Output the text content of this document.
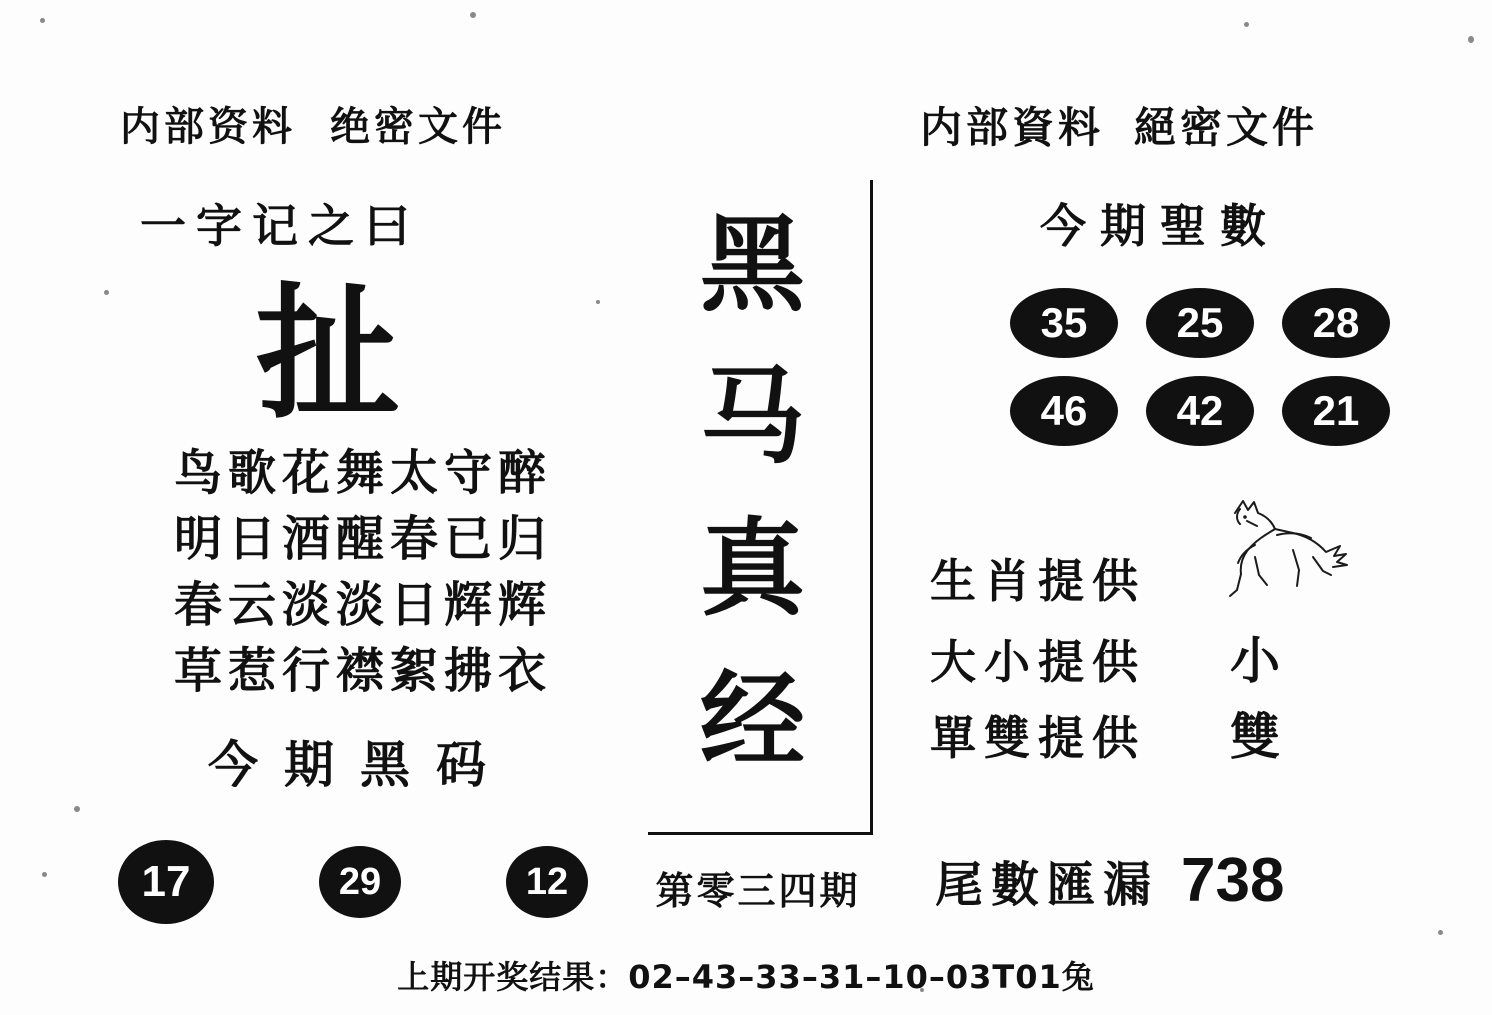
内部资料 绝密文件
一字记之曰
扯
鸟歌花舞太守醉
明日酒醒春已归
春云淡淡日辉辉
草惹行襟絮拂衣
今期黑码
17	29	12
黑马真经
第零三四期
内部資料 絕密文件
今期聖數
35	25	28
46	42	21
生肖提供
大小提供	小
單雙提供	雙
尾數匯漏 738
上期开奖结果：02–43–33–31–10–03T01兔
